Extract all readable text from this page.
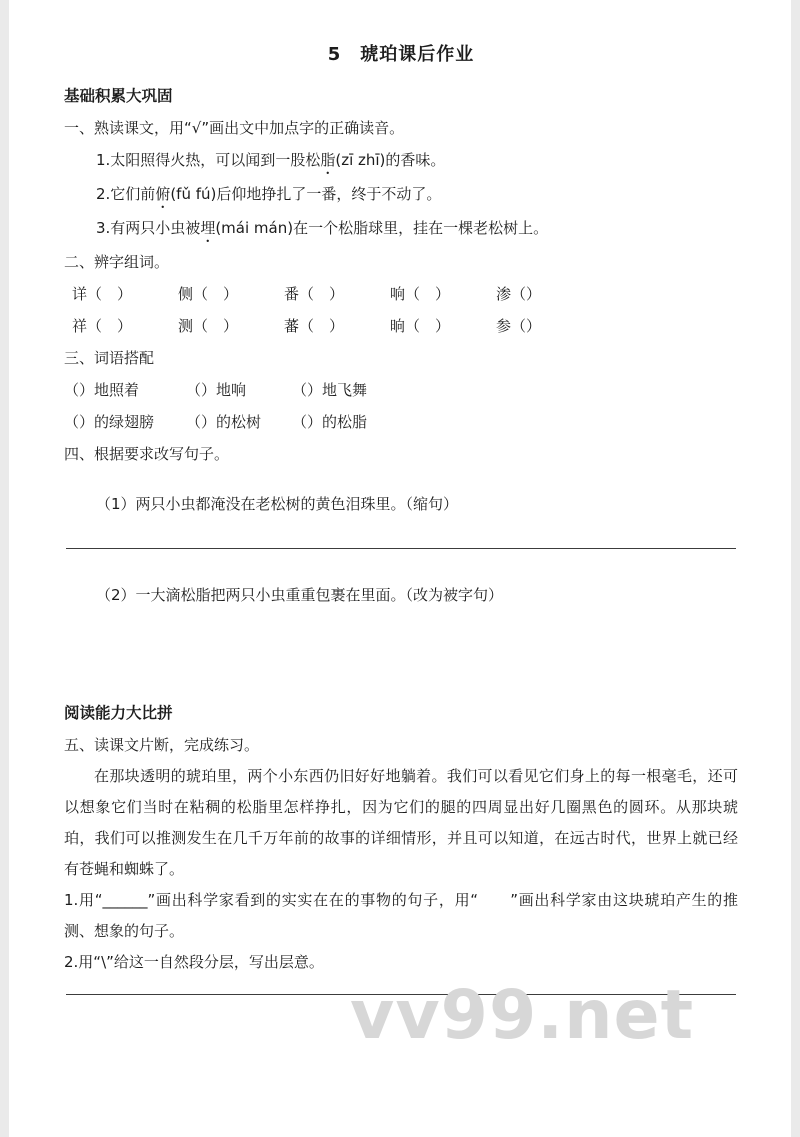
5　琥珀课后作业
基础积累大巩固
一、熟读课文，用“√”画出文中加点字的正确读音。
1.太阳照得火热，可以闻到一股松脂(zī zhī)的香味。
2.它们前俯(fǔ fú)后仰地挣扎了一番，终于不动了。
3.有两只小虫被埋(mái mán)在一个松脂球里，挂在一棵老松树上。
二、辨字组词。
详（　）	侧（　）	番（　）	响（　）	渗（）
祥（　）	测（　）	蕃（　）	晌（　）	参（）
三、词语搭配
（）地照着	（）地响	（）地飞舞
（）的绿翅膀	（）的松树	（）的松脂
四、根据要求改写句子。
（1）两只小虫都淹没在老松树的黄色泪珠里。（缩句）
（2）一大滴松脂把两只小虫重重包裹在里面。（改为被字句）
阅读能力大比拼
五、读课文片断，完成练习。
在那块透明的琥珀里，两个小东西仍旧好好地躺着。我们可以看见它们身上的每一根毫毛，还可以想象它们当时在粘稠的松脂里怎样挣扎，因为它们的腿的四周显出好几圈黑色的圆环。从那块琥珀，我们可以推测发生在几千万年前的故事的详细情形，并且可以知道，在远古时代，世界上就已经有苍蝇和蜘蛛了。
1.用“______”画出科学家看到的实实在在的事物的句子，用“　　”画出科学家由这块琥珀产生的推测、想象的句子。
2.用“\”给这一自然段分层，写出层意。
vv99.net
